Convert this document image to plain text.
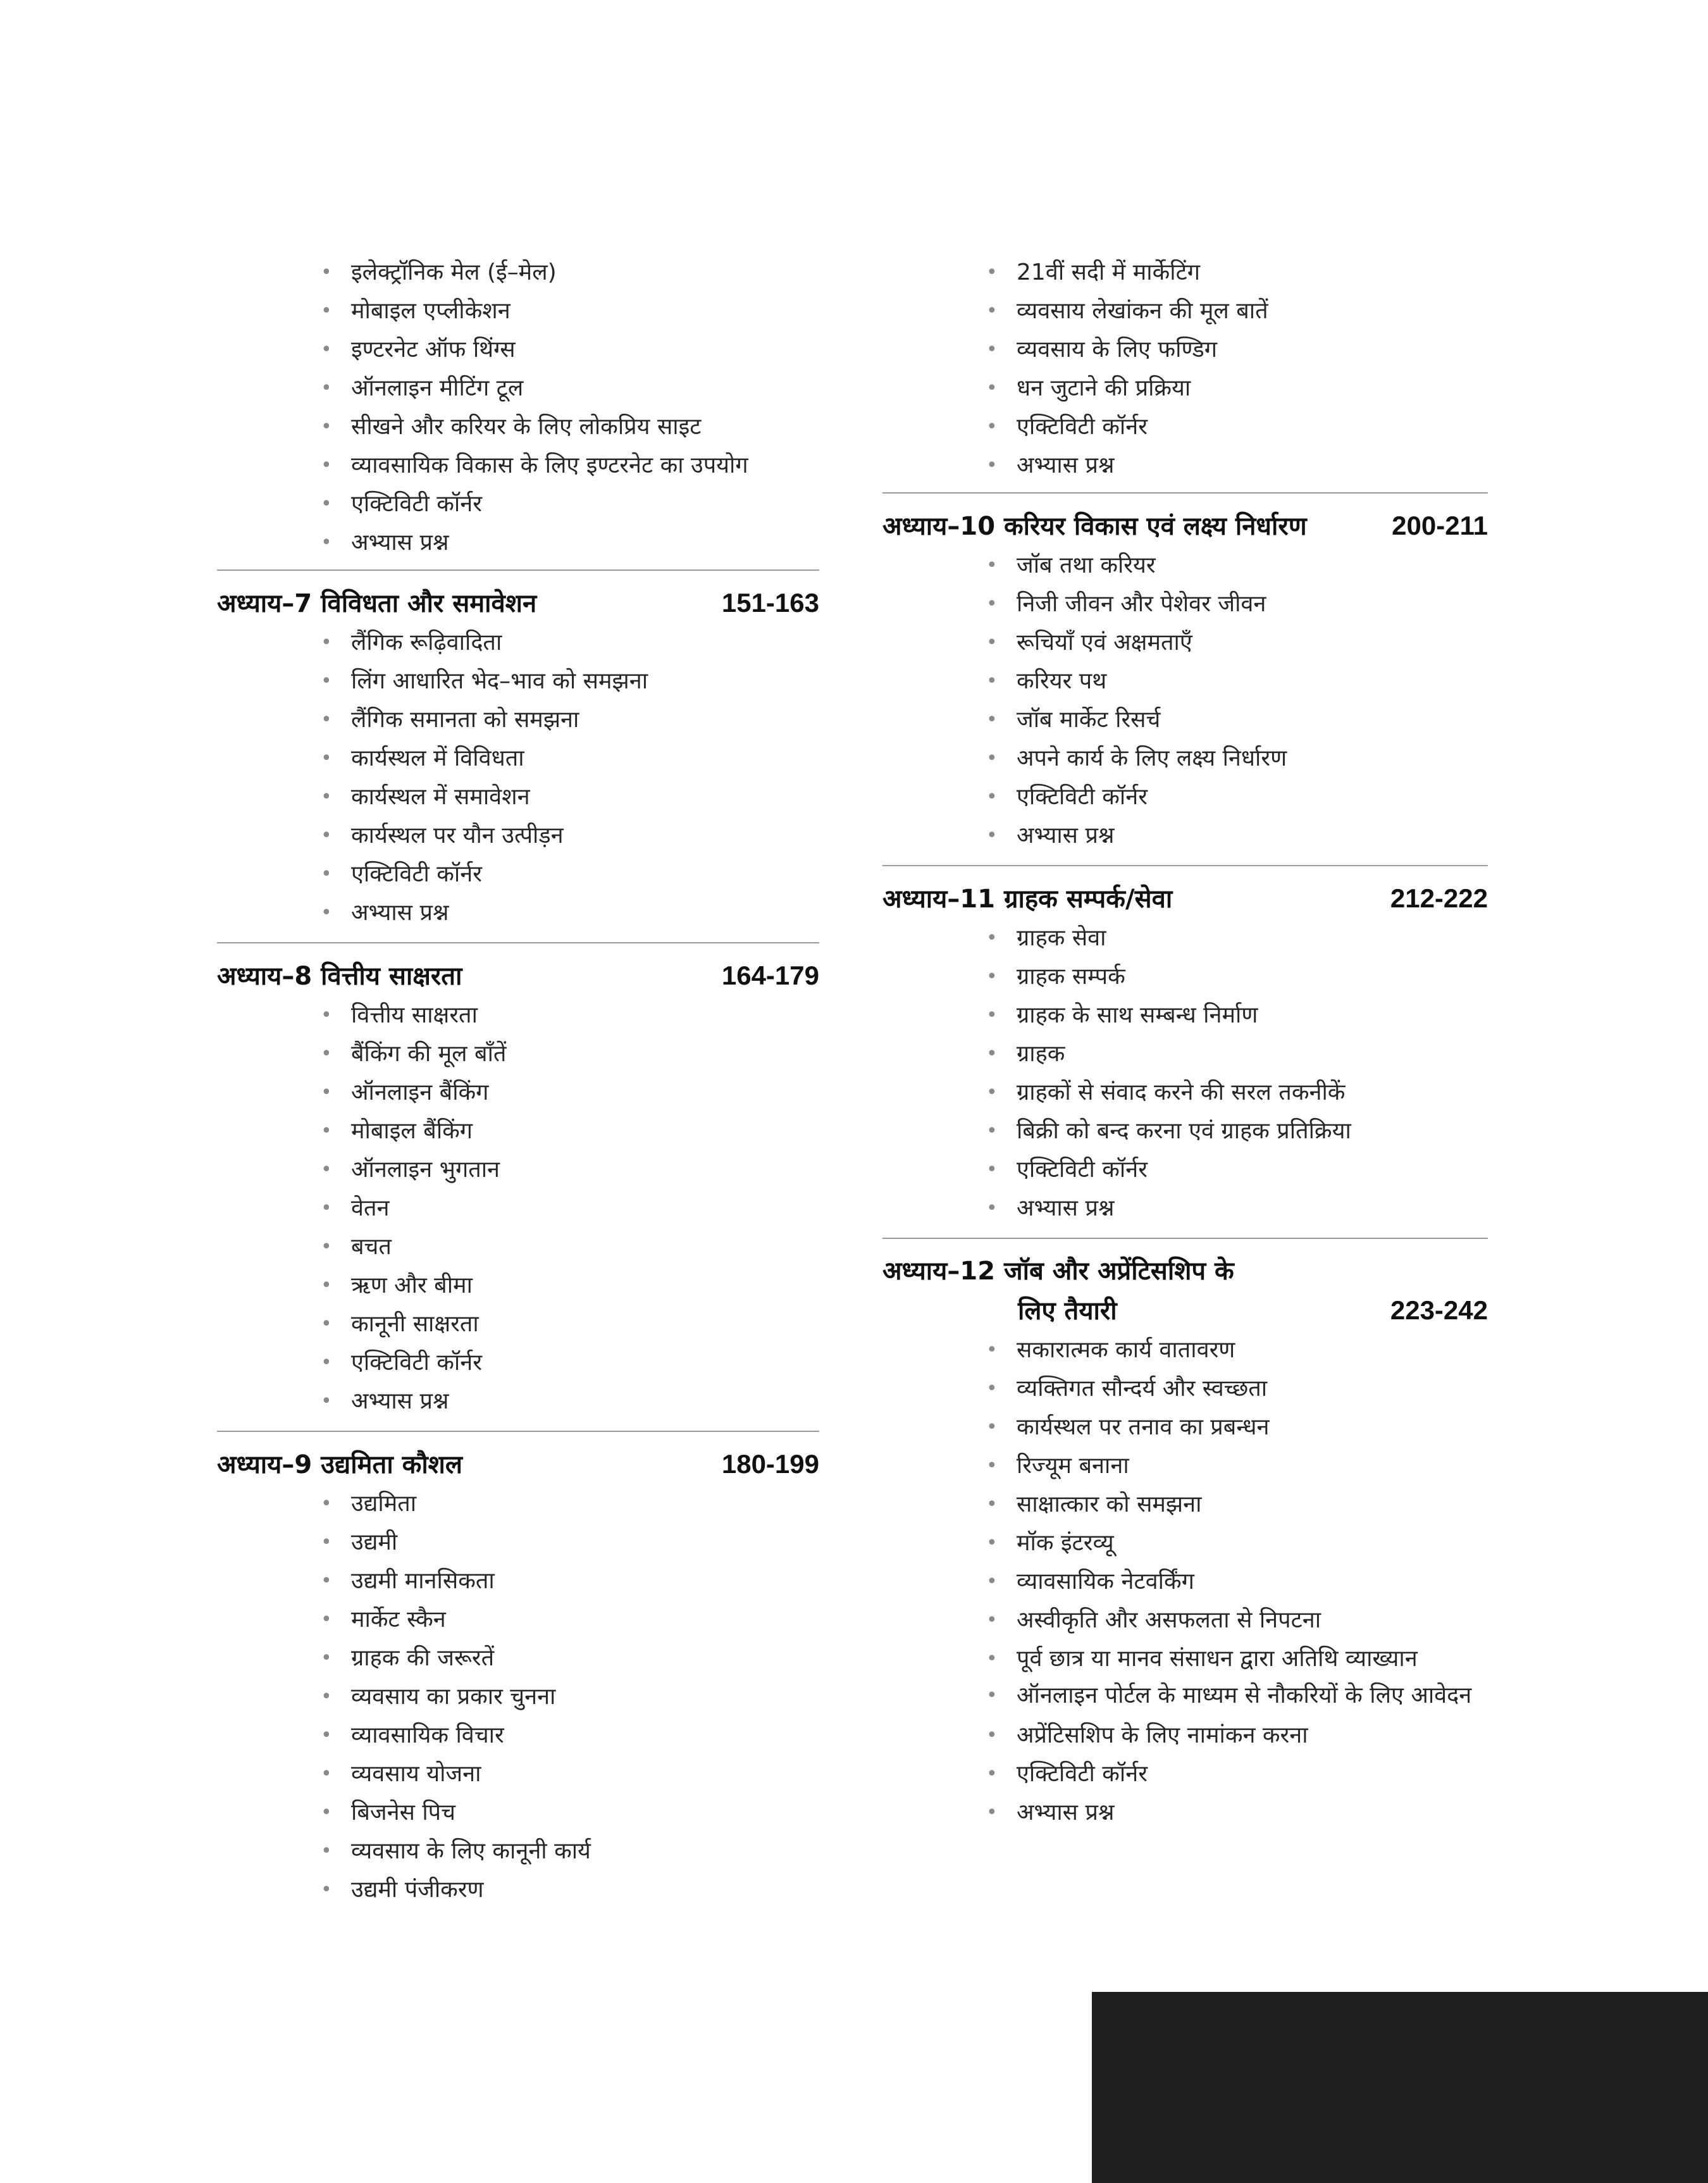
• इलेक्ट्रॉनिक मेल (ई–मेल)
• मोबाइल एप्लीकेशन
• इण्टरनेट ऑफ थिंग्स
• ऑनलाइन मीटिंग टूल
• सीखने और करियर के लिए लोकप्रिय साइट
• व्यावसायिक विकास के लिए इण्टरनेट का उपयोग
• एक्टिविटी कॉर्नर
• अभ्यास प्रश्न
अध्याय–7 विविधता और समावेशन	151-163
• लैंगिक रूढ़िवादिता
• लिंग आधारित भेद–भाव को समझना
• लैंगिक समानता को समझना
• कार्यस्थल में विविधता
• कार्यस्थल में समावेशन
• कार्यस्थल पर यौन उत्पीड़न
• एक्टिविटी कॉर्नर
• अभ्यास प्रश्न
अध्याय–8 वित्तीय साक्षरता	164-179
• वित्तीय साक्षरता
• बैंकिंग की मूल बाँतें
• ऑनलाइन बैंकिंग
• मोबाइल बैंकिंग
• ऑनलाइन भुगतान
• वेतन
• बचत
• ऋण और बीमा
• कानूनी साक्षरता
• एक्टिविटी कॉर्नर
• अभ्यास प्रश्न
अध्याय–9 उद्यमिता कौशल	180-199
• उद्यमिता
• उद्यमी
• उद्यमी मानसिकता
• मार्केट स्कैन
• ग्राहक की जरूरतें
• व्यवसाय का प्रकार चुनना
• व्यावसायिक विचार
• व्यवसाय योजना
• बिजनेस पिच
• व्यवसाय के लिए कानूनी कार्य
• उद्यमी पंजीकरण
• 21वीं सदी में मार्केटिंग
• व्यवसाय लेखांकन की मूल बातें
• व्यवसाय के लिए फण्डिग
• धन जुटाने की प्रक्रिया
• एक्टिविटी कॉर्नर
• अभ्यास प्रश्न
अध्याय–10 करियर विकास एवं लक्ष्य निर्धारण	200-211
• जॉब तथा करियर
• निजी जीवन और पेशेवर जीवन
• रूचियाँ एवं अक्षमताएँ
• करियर पथ
• जॉब मार्केट रिसर्च
• अपने कार्य के लिए लक्ष्य निर्धारण
• एक्टिविटी कॉर्नर
• अभ्यास प्रश्न
अध्याय–11 ग्राहक सम्पर्क/सेवा	212-222
• ग्राहक सेवा
• ग्राहक सम्पर्क
• ग्राहक के साथ सम्बन्ध निर्माण
• ग्राहक
• ग्राहकों से संवाद करने की सरल तकनीकें
• बिक्री को बन्द करना एवं ग्राहक प्रतिक्रिया
• एक्टिविटी कॉर्नर
• अभ्यास प्रश्न
अध्याय–12 जॉब और अप्रेंटिसशिप के
लिए तैयारी	223-242
• सकारात्मक कार्य वातावरण
• व्यक्तिगत सौन्दर्य और स्वच्छता
• कार्यस्थल पर तनाव का प्रबन्धन
• रिज्यूम बनाना
• साक्षात्कार को समझना
• मॉक इंटरव्यू
• व्यावसायिक नेटवर्किंग
• अस्वीकृति और असफलता से निपटना
• पूर्व छात्र या मानव संसाधन द्वारा अतिथि व्याख्यान
• ऑनलाइन पोर्टल के माध्यम से नौकरियों के लिए आवेदन
• अप्रेंटिसशिप के लिए नामांकन करना
• एक्टिविटी कॉर्नर
• अभ्यास प्रश्न
